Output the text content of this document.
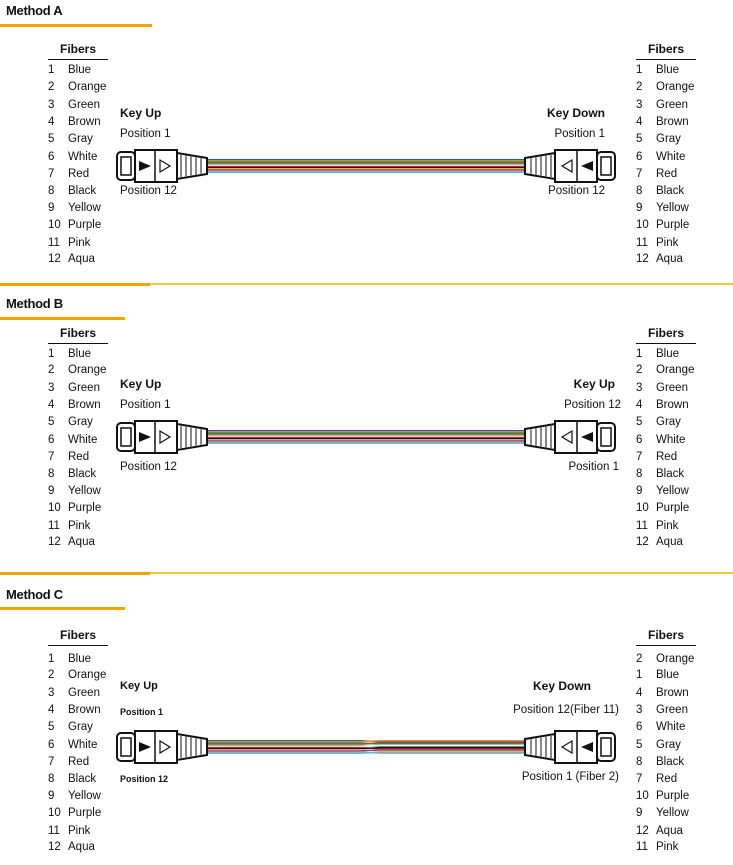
Method A
Fibers
1 Blue
2 Orange
3 Green
4 Brown
5 Gray
6 White
7 Red
8 Black
9 Yellow
10 Purple
11 Pink
12 Aqua
Fibers
1 Blue
2 Orange
3 Green
4 Brown
5 Gray
6 White
7 Red
8 Black
9 Yellow
10 Purple
11 Pink
12 Aqua
Key Up
Position 1
Position 12
Key Down
Position 1
Position 12
Method B
Fibers
1 Blue
2 Orange
3 Green
4 Brown
5 Gray
6 White
7 Red
8 Black
9 Yellow
10 Purple
11 Pink
12 Aqua
Fibers
1 Blue
2 Orange
3 Green
4 Brown
5 Gray
6 White
7 Red
8 Black
9 Yellow
10 Purple
11 Pink
12 Aqua
Key Up
Position 1
Position 12
Key Up
Position 12
Position 1
Method C
Fibers
1 Blue
2 Orange
3 Green
4 Brown
5 Gray
6 White
7 Red
8 Black
9 Yellow
10 Purple
11 Pink
12 Aqua
Fibers
2 Orange
1 Blue
4 Brown
3 Green
6 White
5 Gray
8 Black
7 Red
10 Purple
9 Yellow
12 Aqua
11 Pink
Key Up
Position 1
Position 12
Key Down
Position 12(Fiber 11)
Position 1 (Fiber 2)
